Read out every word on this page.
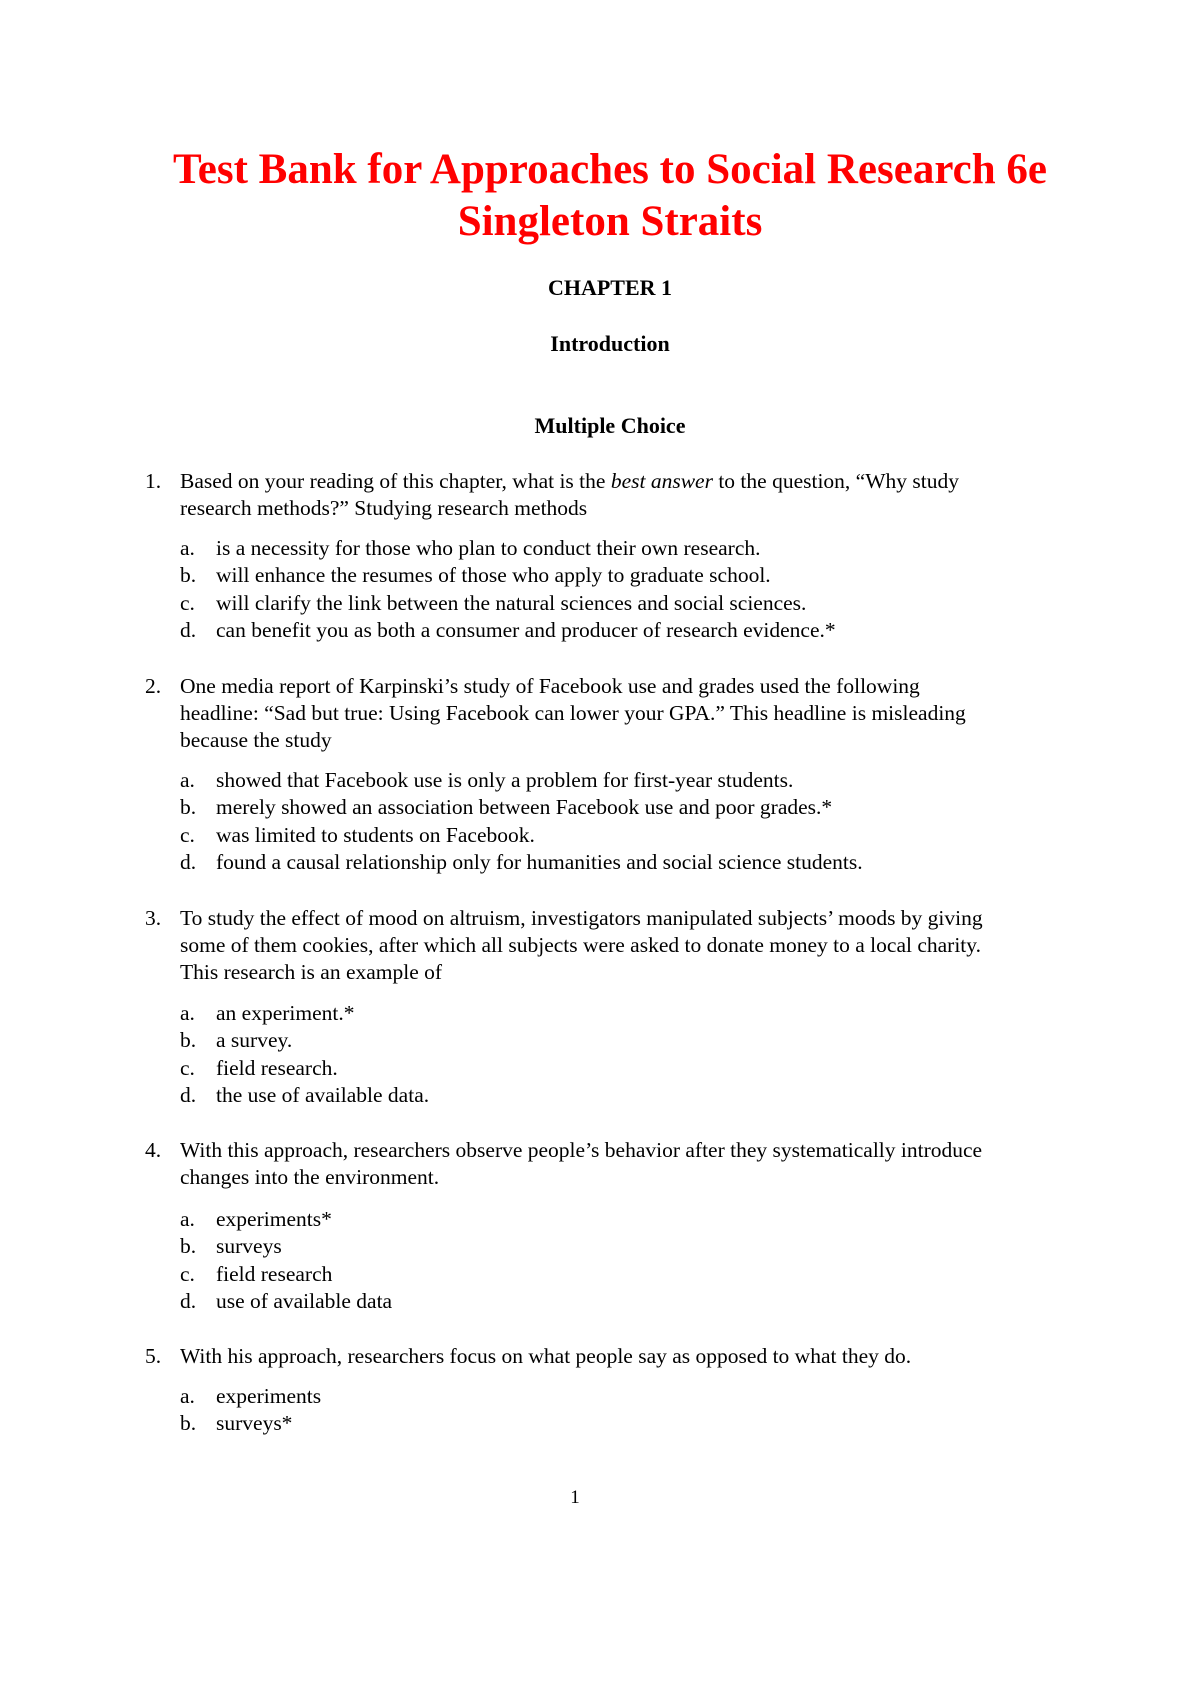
Test Bank for Approaches to Social Research 6e
Singleton Straits
CHAPTER 1
Introduction
Multiple Choice
1. Based on your reading of this chapter, what is the best answer to the question, “Why study
research methods?” Studying research methods
a. is a necessity for those who plan to conduct their own research.
b. will enhance the resumes of those who apply to graduate school.
c. will clarify the link between the natural sciences and social sciences.
d. can benefit you as both a consumer and producer of research evidence.*
2. One media report of Karpinski’s study of Facebook use and grades used the following
headline: “Sad but true: Using Facebook can lower your GPA.” This headline is misleading
because the study
a. showed that Facebook use is only a problem for first-year students.
b. merely showed an association between Facebook use and poor grades.*
c. was limited to students on Facebook.
d. found a causal relationship only for humanities and social science students.
3. To study the effect of mood on altruism, investigators manipulated subjects’ moods by giving
some of them cookies, after which all subjects were asked to donate money to a local charity.
This research is an example of
a. an experiment.*
b. a survey.
c. field research.
d. the use of available data.
4. With this approach, researchers observe people’s behavior after they systematically introduce
changes into the environment.
a. experiments*
b. surveys
c. field research
d. use of available data
5. With his approach, researchers focus on what people say as opposed to what they do.
a. experiments
b. surveys*
1
